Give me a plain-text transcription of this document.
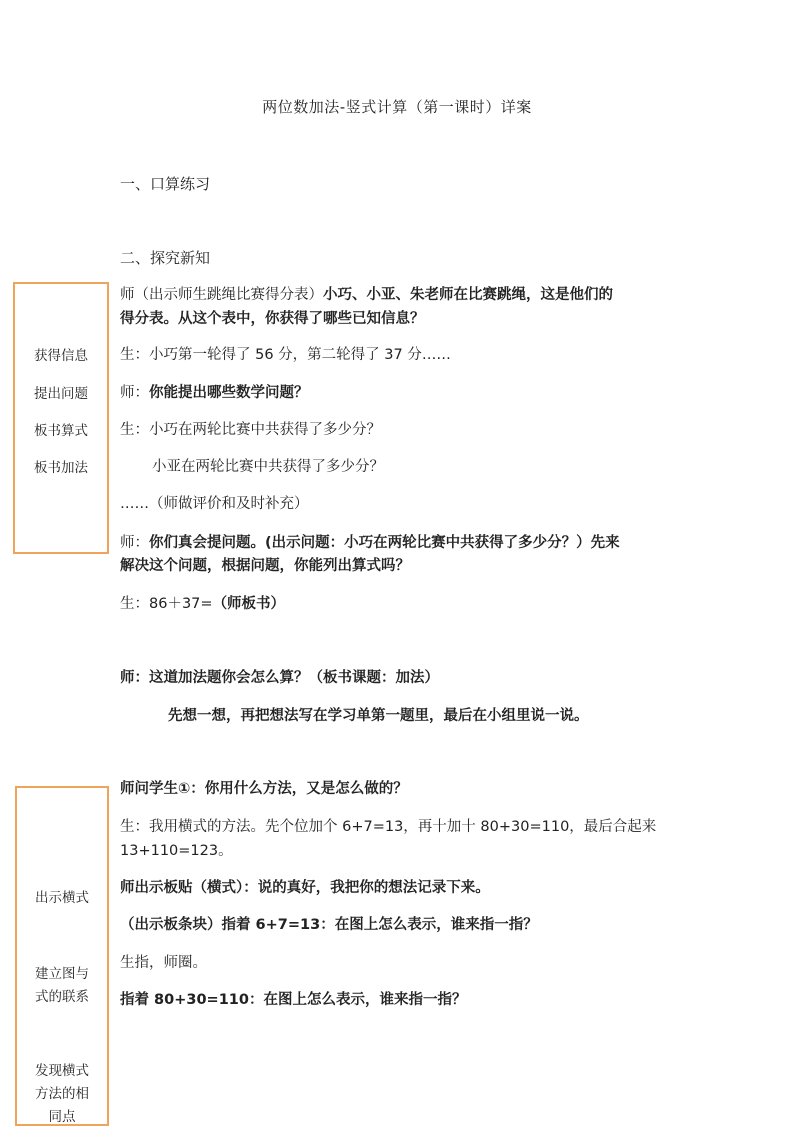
两位数加法-竖式计算（第一课时）详案
一、口算练习
二、探究新知
获得信息
提出问题
板书算式
板书加法
师（出示师生跳绳比赛得分表）小巧、小亚、朱老师在比赛跳绳，这是他们的
得分表。从这个表中，你获得了哪些已知信息？
生：小巧第一轮得了 56 分，第二轮得了 37 分……
师：你能提出哪些数学问题？
生：小巧在两轮比赛中共获得了多少分？
小亚在两轮比赛中共获得了多少分？
……（师做评价和及时补充）
师：你们真会提问题。(出示问题：小巧在两轮比赛中共获得了多少分？）先来
解决这个问题，根据问题，你能列出算式吗？
生：86＋37=（师板书）
师：这道加法题你会怎么算？（板书课题：加法）
先想一想，再把想法写在学习单第一题里，最后在小组里说一说。
出示横式
建立图与
式的联系
发现横式
方法的相
同点
师问学生①：你用什么方法，又是怎么做的？
生：我用横式的方法。先个位加个 6+7=13，再十加十 80+30=110，最后合起来
13+110=123。
师出示板贴（横式）：说的真好，我把你的想法记录下来。
（出示板条块）指着 6+7=13：在图上怎么表示，谁来指一指？
生指，师圈。
指着 80+30=110：在图上怎么表示，谁来指一指？
